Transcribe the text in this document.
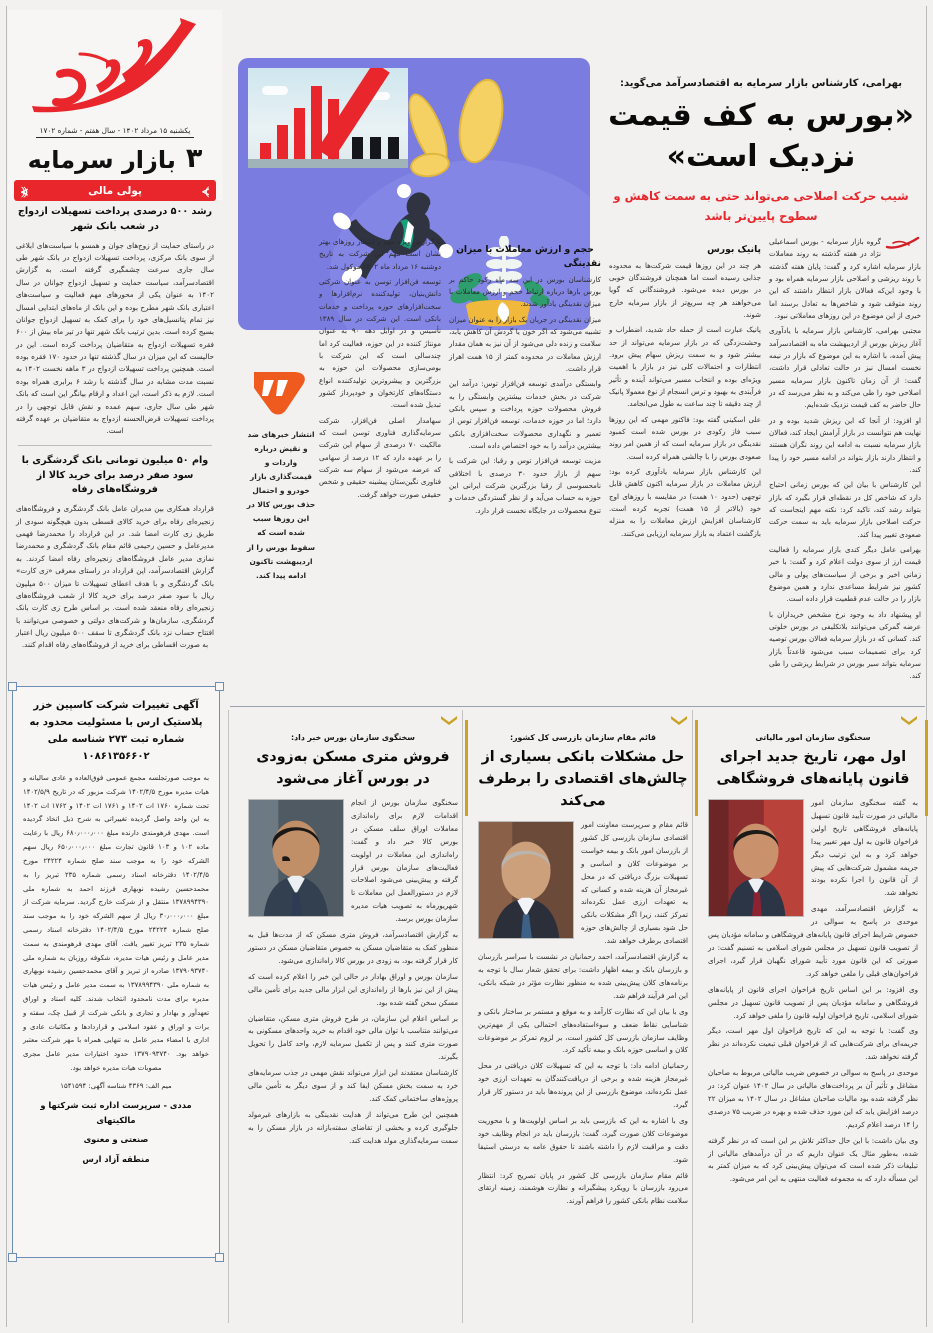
یکشنبه ۱۵ مرداد ۱۴۰۲ - سال هفتم - شماره ۱۷۰۲
۳
بازار سرمایه
⦔
پولی مالی
⦕
رشد ۵۰۰ درصدی پرداخت تسهیلات ازدواج در شعب بانک شهر
در راستای حمایت از زوج‌های جوان و همسو با سیاست‌های ابلاغی از سوی بانک مرکزی، پرداخت تسهیلات ازدواج در بانک شهر طی سال جاری سرعت چشمگیری گرفته است. به گزارش اقتصادسرآمد، سیاست حمایت و تسهیل ازدواج جوانان در سال ۱۴۰۲ به عنوان یکی از محورهای مهم فعالیت و سیاست‌های اعتباری بانک شهر مطرح بوده و این بانک از ماه‌های ابتدایی امسال نیز تمام پتانسیل‌های خود را برای کمک به تسهیل ازدواج جوانان بسیج کرده است. بدین ترتیب بانک شهر تنها در تیر ماه بیش از ۶۰۰ فقره تسهیلات ازدواج به متقاضیان پرداخت کرده است. این در حالیست که این میزان در سال گذشته تنها در حدود ۱۷۰ فقره بوده است. همچنین پرداخت تسهیلات ازدواج در ۳ ماهه نخست ۱۴۰۲ به نسبت مدت مشابه در سال گذشته با رشد ۶ برابری همراه بوده است. لازم به ذکر است، این اعداد و ارقام بیانگر این است که بانک شهر طی سال جاری، سهم عمده و نقش قابل توجهی را در پرداخت تسهیلات قرض‌الحسنه ازدواج به متقاضیان بر عهده گرفته است.
وام ۵۰ میلیون تومانی بانک گردشگری با سود صفر درصد برای خرید کالا از فروشگاه‌های رفاه
قرارداد همکاری بین مدیران عامل بانک گردشگری و فروشگاه‌های زنجیره‌ای رفاه برای خرید کالای قسطی بدون هیچگونه سودی از طریق زی کارت امضا شد. در این قرارداد را محمدرضا فهمی مدیرعامل و حسین رحیمی قائم مقام بانک گردشگری و محمدرضا نمازی مدیر عامل فروشگاه‌های زنجیره‌ای رفاه امضا کردند. به گزارش اقتصادسرآمد، این قرارداد در راستای معرفی «زی کارت» بانک گردشگری و با هدف اعطای تسهیلات تا میزان ۵۰۰ میلیون ریال با سود صفر درصد برای خرید کالا از شعب فروشگاه‌های زنجیره‌ای رفاه منعقد شده است. بر اساس طرح زی کارت بانک گردشگری، سازمان‌ها و شرکت‌های دولتی و خصوصی می‌توانند با افتتاح حساب نزد بانک گردشگری تا سقف ۵۰۰ میلیون ریال اعتبار به صورت اقساطی برای خرید از فروشگاه‌های رفاه اقدام کنند.
آگهی تغییرات شرکت کاسپین خزر پلاستیک ارس با مسئولیت محدود به شماره ثبت ۲۷۳ شناسه ملی ۱۰۸۶۱۳۵۶۶۰۲
به موجب صورتجلسه مجمع عمومی فوق‌العاده و عادی سالیانه و هیات مدیره مورخ ۱۴۰۲/۴/۵ شرکت مزبور که در تاریخ ۱۴۰۲/۵/۹ تحت شماره ۱۷۶۰ ات ۱۴۰۲ و ۱۷۶۱ ات ۱۴۰۲ و ۱۷۶۲ ات ۱۴۰۲ به این واحد واصل گردیده تغییراتی به شرح ذیل اتخاذ گردیده است. مهدی فرهومندی دارنده مبلغ ۶۸۰٫۰۰۰٫۰۰۰ ریال با رعایت ماده ۱۰۲ و ۱۰۳ قانون تجارت مبلغ ۶۵۰٫۰۰۰٫۰۰۰ ریال سهم الشرکه خود را به موجب سند صلح شماره ۲۴۲۲۴ مورخ ۱۴۰۲/۴/۵ دفترخانه اسناد رسمی شماره ۲۳۵ تبریز را به محمدحسین رشیده نوبهاری فرزند احمد به شماره ملی ۱۳۷۸۹۹۴۳۹۰ منتقل و از شرکت خارج گردید. سرمایه شرکت از مبلغ ۳۰٫۰۰۰٫۰۰۰ ریال از سهم الشرکه خود را به موجب سند صلح شماره ۲۴۲۲۴ مورخ ۱۴۰۲/۴/۵ دفترخانه اسناد رسمی شماره ۲۳۵ تبریز تغییر یافت. آقای مهدی فرهومندی به سمت مدیر عامل و رئیس هیات مدیره، شکوفه روزبان به شماره ملی ۱۳۷۹۰۹۳۷۴۰ صادره از تبریز و آقای محمدحسین رشیده نوبهاری به شماره ملی ۱۳۷۸۹۹۴۳۹۰ به سمت مدیر عامل و رئیس هیات مدیره برای مدت نامحدود انتخاب شدند. کلیه اسناد و اوراق تعهدآور و بهادار و تجاری و بانکی شرکت از قبیل چک، سفته و برات و اوراق و عقود اسلامی و قراردادها و مکاتبات عادی و اداری با امضاء مدیر عامل به تنهایی همراه با مهر شرکت معتبر خواهد بود. ۱۳۷۹۰۹۳۷۴۰ حدود اختیارات مدیر عامل مجری مصوبات هیات مدیره خواهد بود.
میم الف: ۴۳۶۹ شناسه آگهی: ۱۵۴۱۵۹۴
مددی - سرپرست اداره ثبت شرکتها و مالکیتهای
صنعتی و معنوی
منطقه آزاد ارس
بهرامی، کارشناس بازار سرمایه به اقتصادسرآمد می‌گوید:
«بورس به کف قیمت
نزدیک است»
شیب حرکت اصلاحی می‌تواند حتی به سمت کاهش و سطوح پایین‌تر باشد

گروه بازار سرمایه - بورس اسماعیلی نژاد در هفته گذشته به روند معاملات بازار سرمایه اشاره کرد و گفت: پایان هفته گذشته با روند ریزشی و اصلاحی بازار سرمایه همراه بود و با وجود این‌که فعالان بازار انتظار داشتند که این روند متوقف شود و شاخص‌ها به تعادل برسند اما خبری از این موضوع در این روزهای معاملاتی نبود.

مجتبی بهرامی، کارشناس بازار سرمایه با یادآوری آغاز ریزش بورس از اردیبهشت ماه به اقتصادسرآمد پیش آمده، با اشاره به این موضوع که بازار در نیمه نخست امسال نیز در حالت تعادلی قرار داشت، گفت: از آن زمان تاکنون بازار سرمایه مسیر اصلاحی خود را طی می‌کند و به نظر می‌رسد که در حال حاضر به کف قیمت نزدیک شده‌ایم.

او افزود: از آنجا که این ریزش شدید بوده و در نهایت هم نتوانست در بازار آرامش ایجاد کند، فعالان بازار سرمایه نسبت به ادامه این روند نگران هستند و انتظار دارند بازار بتواند در ادامه مسیر خود را پیدا کند.

این کارشناس با بیان این که بورس زمانی احتیاج دارد که شاخص کل در نقطه‌ای قرار بگیرد که بازار بتواند رشد کند، تاکید کرد: نکته مهم اینجاست که حرکت اصلاحی بازار سرمایه باید به سمت حرکت صعودی تغییر پیدا کند.

بهرامی عامل دیگر کندی بازار سرمایه را فعالیت قیمت ارز از سوی دولت اعلام کرد و گفت: با خبر زمانی اخیر و برخی از سیاست‌های پولی و مالی کشور نیز شرایط مساعدی ندارد و همین موضوع بازار را در حالت عدم قطعیت قرار داده است.

او پیشنهاد داد به وجود نرخ مشخص خریداران با عرضه گمرکی می‌توانند بلاتکلیفی در بورس خلوتی کند. کسانی که در بازار سرمایه فعالان بورس توصیه کرد برای تصمیمات سبب می‌شود قاعدتاً بازار سرمایه بتواند سیر بورس در شرایط ریزشی را طی کند.

پانیک بورس

هر چند در این روزها قیمت شرکت‌ها به محدوده جذابی رسیده است اما همچنان فروشندگان خوبی در بورس دیده می‌شود. فروشندگانی که گویا می‌خواهند هر چه سریع‌تر از بازار سرمایه خارج شوند.

پانیک عبارت است از حمله حاد شدید، اضطراب و وحشت‌زدگی که در بازار سرمایه می‌تواند از حد بیشتر شود و به سمت ریزش سهام پیش برود. انتظارات و احتمالات کلی نیز در بازار با اهمیت ویژه‌ای بوده و انتخاب مسیر می‌تواند آینده و تأثیر فرآیندی به بهبود و ترس انسجام از نوع معمولا پانیک از چند دقیقه تا چند ساعت به طول می‌انجامد.

علی اسکینی گفته بود: فاکتور مهمی که این روزها سبب فاز رکودی در بورس شده است کمبود نقدینگی در بازار سرمایه است که از همین امر روند صعودی بورس را با چالشی همراه کرده است.

این کارشناس بازار سرمایه یادآوری کرده بود: ارزش معاملات در بازار سرمایه اکنون کاهش قابل توجهی (حدود ۱۰ همت) در مقایسه با روزهای اوج خود (بالاتر از ۱۵ همت) تجربه کرده است. کارشناسان افزایش ارزش معاملات را به منزله بازگشت اعتماد به بازار سرمایه ارزیابی می‌کنند.

حجم و ارزش معاملات با میزان نقدینگی

کارشناسان بورس در این سه ماه رکود حاکم بر بورس بارها درباره ارتباط حجم و ارزش معاملات با میزان نقدینگی یادآور شدند.

میزان نقدینگی در جریان یک بازار را به عنوان میزان تشبیه می‌شود که اگر خون یا گردش آن کاهش یابد، سلامت و زنده دلی می‌شود از آن نیز به همان مقدار ارزش معاملات در محدوده کمتر از ۱۵ همت اهراز قرار داشت.

وابستگی درآمدی توسعه فن‌افزار توس: درآمد این شرکت در بخش خدمات بیشترین وابستگی را به فروش محصولات حوزه پرداخت و سپس بانکی دارد؛ اما در حوزه خدمات، توسعه فن‌افزار توس از تعمیر و نگهداری محصولات سخت‌افزاری بانکی بیشترین درآمد را به خود اختصاص داده است.

مزیت توسعه فن‌افزار توس و رقبا: این شرکت با سهم از بازار حدود ۳۰ درصدی با اختلافی نامحسوسی از رقبا بزرگترین شرکت ایرانی این حوزه به حساب می‌آید و از نظر گستردگی خدمات و تنوع محصولات در جایگاه نخست قرار دارد.

با گزارش ویژه مهم و انتظار روزهای بهتر نشان است مهم این شرکت به تاریخ دوشنبه ۱۶ مرداد ماه ۱۴۰۲ موکول شد.

توسعه فن‌افزار توسن به عنوان شرکتی دانش‌بنیان، تولیدکننده نرم‌افزارها و سخت‌افزارهای حوزه پرداخت و خدمات بانکی است. این شرکت در سال ۱۳۸۹ تأسیس و در اوایل دهه ۹۰ به عنوان مونتاژ کننده در این حوزه، فعالیت کرد اما چندسالی است که این شرکت با بومی‌سازی محصولات این حوزه به بزرگترین و پیشروترین تولیدکننده انواع دستگاه‌های کارتخوان و خودپرداز کشور تبدیل شده است.

سهامدار اصلی فن‌افزار، شرکت سرمایه‌گذاری فناوری توسن است که مالکیت ۷۰ درصدی از سهام این شرکت را بر عهده دارد که ۱۲ درصد از سهامی که عرضه می‌شود از سهام سه شرکت فناوری نگین‌ستان پیشینه حقیقی و شخص حقیقی صورت خواهد گرفت.

انتشار خبرهای ضد و نقیض درباره واردات و قیمت‌گذاری بازار خودرو و احتمال حذف بورس کالا در این روزها سبب شده است که سقوط بورس را از اردیبهشت تاکنون ادامه پیدا کند.
سخنگوی سازمان امور مالیاتی
اول مهر، تاریخ جدید اجرای قانون پایانه‌های فروشگاهی

به گفته سخنگوی سازمان امور مالیاتی در صورت تأیید قانون تسهیل پایانه‌های فروشگاهی تاریخ اولین فراخوان قانون به اول مهر تغییر پیدا خواهد کرد و به این ترتیب دیگر جریمه مشمول شرکت‌هایی که پیش از آن قانون را اجرا نکرده بودند نخواهد شد.

به گزارش اقتصادسرآمد، مهدی موحدی در پاسخ به سوالی در خصوص شرایط اجرای قانون پایانه‌های فروشگاهی و سامانه مؤدیان پس از تصویب قانون تسهیل در مجلس شورای اسلامی به تسنیم گفت: در صورتی که این قانون مورد تأیید شورای نگهبان قرار گیرد، اجرای فراخوان‌های قبلی را ملغی خواهد کرد.

وی افزود: بر این اساس تاریخ فراخوان اجرای قانون از پایانه‌های فروشگاهی و سامانه مؤدیان پس از تصویب قانون تسهیل در مجلس شورای اسلامی، تاریخ فراخوان اولیه قانون را ملغی خواهد کرد.

وی گفت: با توجه به این که تاریخ فراخوان اول مهر است، دیگر جریمه‌ای برای شرکت‌هایی که از فراخوان قبلی تبعیت نکرده‌اند در نظر گرفته نخواهد شد.

موحدی در پاسخ به سوالی در خصوص ضریب مالیاتی مربوط به صاحبان مشاغل و تأثیر آن بر پرداخت‌های مالیاتی در سال ۱۴۰۲ عنوان کرد: در نظر گرفته شده بود مالیات صاحبان مشاغل در سال ۱۴۰۲ به میزان ۲۲ درصد افزایش یابد که این مورد حذف شده و بهره در ضریب ۷۵ درصدی را ۱۴ درصد اعلام کردیم.

وی بیان داشت: با این حال حداکثر تلاش بر این است که در نظر گرفته شده، به‌طور مثال یک عنوان داریم که در آن درآمدهای مالیاتی از تبلیغات ذکر شده است که می‌توان پیش‌بینی کرد که به میزان کمتر به این مسأله دارد که به مجموعه فعالیت منتهی به این امر می‌شود.

قائم مقام سازمان بازرسی کل کشور:
حل مشکلات بانکی بسیاری از چالش‌های اقتصادی را برطرف می‌کند

قائم مقام و سرپرست معاونت امور اقتصادی سازمان بازرسی کل کشور از بازرسان امور بانک و بیمه خواست بر موضوعات کلان و اساسی و تسهیلات بزرگ دریافتی که در محل غیرمجاز آن هزینه شده و کسانی که به تعهدات ارزی عمل نکرده‌اند تمرکز کنند، زیرا اگر مشکلات بانکی حل شود بسیاری از چالش‌های حوزه اقتصادی برطرف خواهد شد.

به گزارش اقتصادسرآمد، احمد رحمانیان در نشست با سراسر بازرسان و بازرسان بانک و بیمه اظهار داشت: برای تحقق شعار سال با توجه به برنامه‌های کلان پیش‌بینی شده به منظور نظارت مؤثر در شبکه بانکی، این امر فرآیند فراهم شد.

وی با بیان این که نظارت کارآمد و به موقع و مستمر بر ساختار بانکی و شناسایی نقاط ضعف و سوءاستفاده‌های احتمالی یکی از مهم‌ترین وظایف سازمان بازرسی کل کشور است، بر لزوم تمرکز بر موضوعات کلان و اساسی حوزه بانک و بیمه تأکید کرد.

رحمانیان ادامه داد: با توجه به این که تسهیلات کلان دریافتی در محل غیرمجاز هزینه شده و برخی از دریافت‌کنندگان به تعهدات ارزی خود عمل نکرده‌اند، موضوع بازرسی از این پرونده‌ها باید در دستور کار قرار گیرد.

وی با اشاره به این که بازرسی باید بر اساس اولویت‌ها و با محوریت موضوعات کلان صورت گیرد، گفت: بازرسان باید در انجام وظایف خود دقت و مراقبت لازم را داشته باشند تا حقوق عامه به درستی استیفا شود.

قائم مقام سازمان بازرسی کل کشور در پایان تصریح کرد: انتظار می‌رود بازرسان با رویکرد پیشگیرانه و نظارت هوشمند، زمینه ارتقای سلامت نظام بانکی کشور را فراهم آورند.

سخنگوی سازمان بورس خبر داد:
فروش متری مسکن به‌زودی در بورس آغاز می‌شود

سخنگوی سازمان بورس از انجام اقدامات لازم برای راه‌اندازی معاملات اوراق سلف مسکن در بورس کالا خبر داد و گفت: راه‌اندازی این معاملات در اولویت فعالیت‌های سازمان بورس قرار گرفته و پیش‌بینی می‌شود اصلاحات لازم در دستورالعمل این معاملات تا شهریورماه به تصویب هیات مدیره سازمان بورس برسد.

به گزارش اقتصادسرآمد، فروش متری مسکن که از مدت‌ها قبل به منظور کمک به متقاضیان مسکن به خصوص متقاضیان مسکن در دستور کار قرار گرفته بود، به زودی در بورس کالا راه‌اندازی می‌شود.

سازمان بورس و اوراق بهادار در حالی این خبر را اعلام کرده است که پیش از این نیز بارها از راه‌اندازی این ابزار مالی جدید برای تأمین مالی مسکن سخن گفته شده بود.

بر اساس اعلام این سازمان، در طرح فروش متری مسکن، متقاضیان می‌توانند متناسب با توان مالی خود اقدام به خرید واحدهای مسکونی به صورت متری کنند و پس از تکمیل سرمایه لازم، واحد کامل را تحویل بگیرند.

کارشناسان معتقدند این ابزار می‌تواند نقش مهمی در جذب سرمایه‌های خرد به سمت بخش مسکن ایفا کند و از سوی دیگر به تأمین مالی پروژه‌های ساختمانی کمک کند.

همچنین این طرح می‌تواند از هدایت نقدینگی به بازارهای غیرمولد جلوگیری کرده و بخشی از تقاضای سفته‌بازانه در بازار مسکن را به سمت سرمایه‌گذاری مولد هدایت کند.
